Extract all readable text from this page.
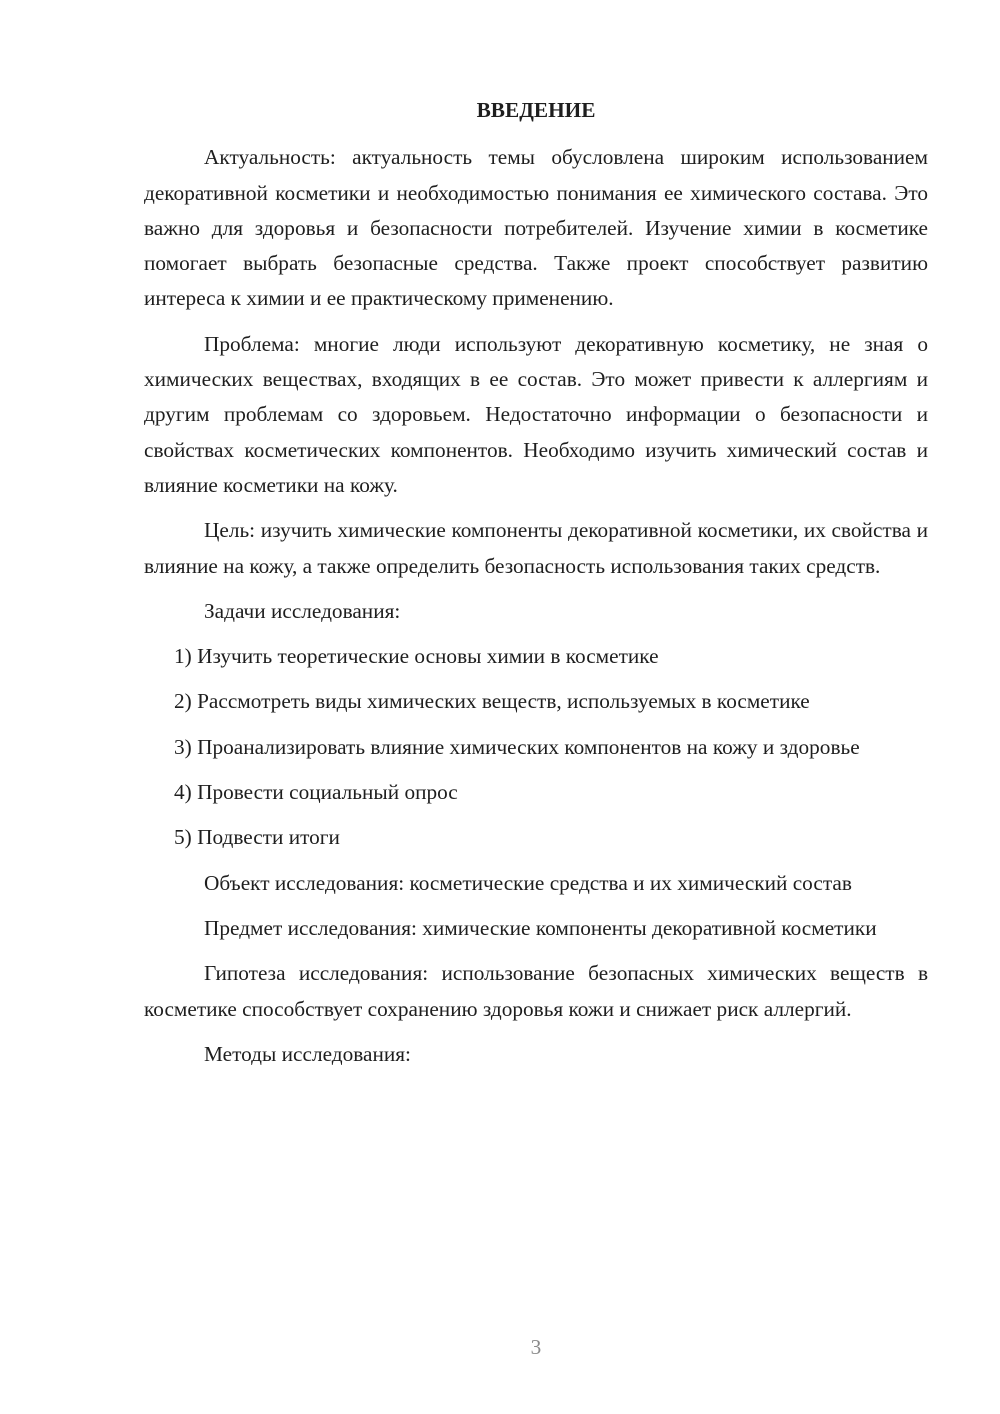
ВВЕДЕНИЕ

Актуальность: актуальность темы обусловлена широким использованием декоративной косметики и необходимостью понимания ее химического состава. Это важно для здоровья и безопасности потребителей. Изучение химии в косметике помогает выбрать безопасные средства. Также проект способствует развитию интереса к химии и ее практическому применению.

Проблема: многие люди используют декоративную косметику, не зная о химических веществах, входящих в ее состав. Это может привести к аллергиям и другим проблемам со здоровьем. Недостаточно информации о безопасности и свойствах косметических компонентов. Необходимо изучить химический состав и влияние косметики на кожу.

Цель: изучить химические компоненты декоративной косметики, их свойства и влияние на кожу, а также определить безопасность использования таких средств.

Задачи исследования:

1) Изучить теоретические основы химии в косметике

2) Рассмотреть виды химических веществ, используемых в косметике

3) Проанализировать влияние химических компонентов на кожу и здоровье

4) Провести социальный опрос

5) Подвести итоги

Объект исследования: косметические средства и их химический состав

Предмет исследования: химические компоненты декоративной косметики

Гипотеза исследования: использование безопасных химических веществ в косметике способствует сохранению здоровья кожи и снижает риск аллергий.

Методы исследования:

3
